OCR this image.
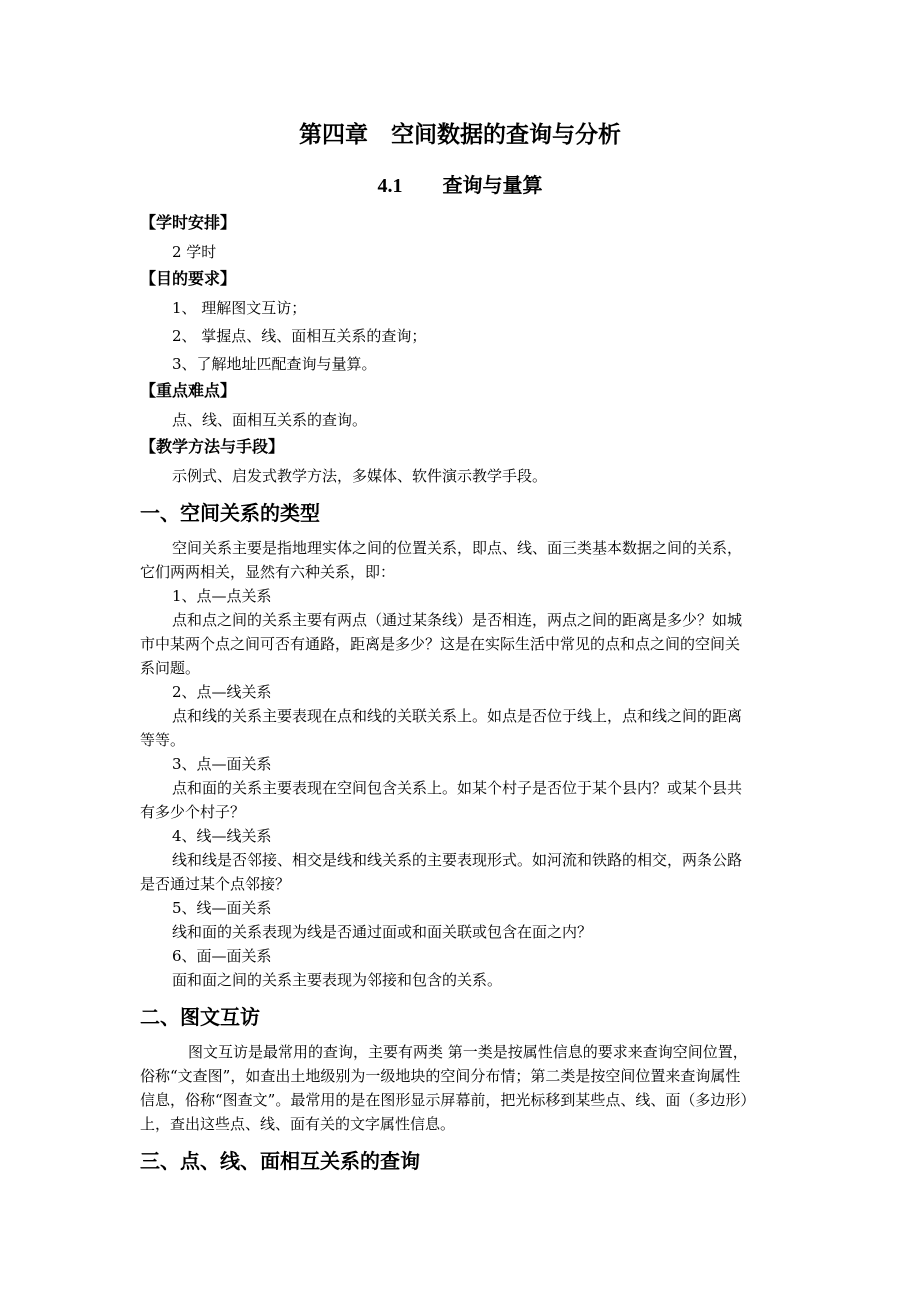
第四章　空间数据的查询与分析
4.1 查询与量算
【学时安排】
2 学时
【目的要求】
1、 理解图文互访；
2、 掌握点、线、面相互关系的查询；
3、了解地址匹配查询与量算。
【重点难点】
点、线、面相互关系的查询。
【教学方法与手段】
示例式、启发式教学方法，多媒体、软件演示教学手段。
一、空间关系的类型
空间关系主要是指地理实体之间的位置关系，即点、线、面三类基本数据之间的关系，
它们两两相关，显然有六种关系，即：
1、点—点关系
点和点之间的关系主要有两点（通过某条线）是否相连，两点之间的距离是多少？如城
市中某两个点之间可否有通路，距离是多少？这是在实际生活中常见的点和点之间的空间关
系问题。
2、点—线关系
点和线的关系主要表现在点和线的关联关系上。如点是否位于线上，点和线之间的距离
等等。
3、点—面关系
点和面的关系主要表现在空间包含关系上。如某个村子是否位于某个县内？或某个县共
有多少个村子？
4、线—线关系
线和线是否邻接、相交是线和线关系的主要表现形式。如河流和铁路的相交，两条公路
是否通过某个点邻接？
5、线—面关系
线和面的关系表现为线是否通过面或和面关联或包含在面之内？
6、面—面关系
面和面之间的关系主要表现为邻接和包含的关系。
二、图文互访
图文互访是最常用的查询，主要有两类 第一类是按属性信息的要求来查询空间位置，
俗称“文查图”，如查出土地级别为一级地块的空间分布情；第二类是按空间位置来查询属性
信息，俗称“图查文”。最常用的是在图形显示屏幕前，把光标移到某些点、线、面（多边形）
上，查出这些点、线、面有关的文字属性信息。
三、点、线、面相互关系的查询
